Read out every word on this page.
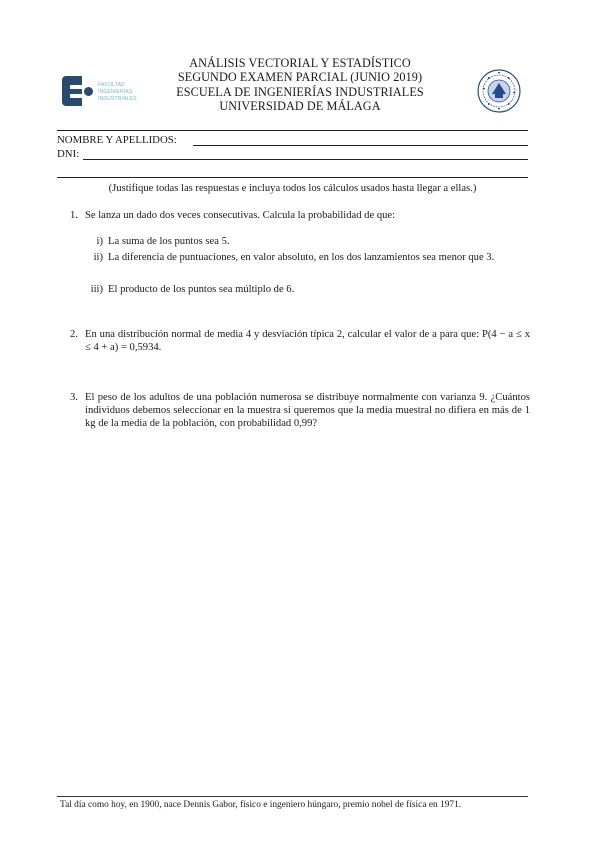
FACULTAD
INGENIERÍAS
INDUSTRIALES
ANÁLISIS VECTORIAL Y ESTADÍSTICO
SEGUNDO EXAMEN PARCIAL (JUNIO 2019)
ESCUELA DE INGENIERÍAS INDUSTRIALES
UNIVERSIDAD DE MÁLAGA
NOMBRE Y APELLIDOS:
DNI:
(Justifique todas las respuestas e incluya todos los cálculos usados hasta llegar a ellas.)
1. Se lanza un dado dos veces consecutivas. Calcula la probabilidad de que:
i) La suma de los puntos sea 5.
ii) La diferencia de puntuaciones, en valor absoluto, en los dos lanzamientos sea menor que 3.
iii) El producto de los puntos sea múltiplo de 6.
2. En una distribución normal de media 4 y desviación típica 2, calcular el valor de a para que: P(4 − a ≤ x ≤ 4 + a) = 0,5934.
3. El peso de los adultos de una población numerosa se distribuye normalmente con varianza 9. ¿Cuántos individuos debemos seleccionar en la muestra si queremos que la media muestral no difiera en más de 1 kg de la media de la población, con probabilidad 0,99?
Tal día como hoy, en 1900, nace Dennis Gabor, físico e ingeniero húngaro, premio nobel de física en 1971.
